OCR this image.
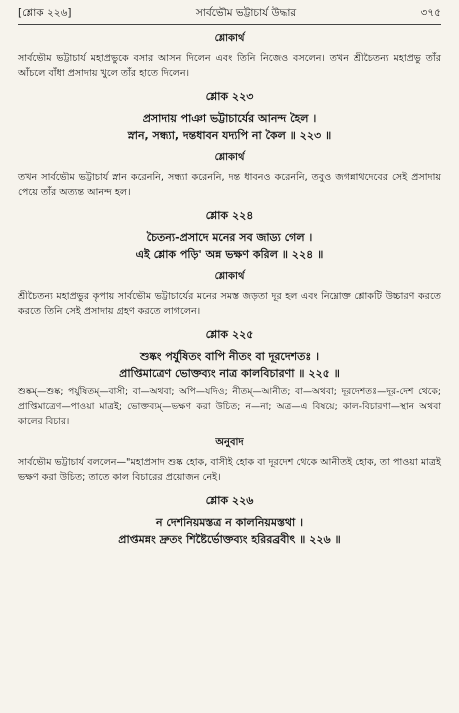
[শ্লোক ২২৬]	সার্বভৌম ভট্টাচার্য উদ্ধার	৩৭৫
শ্লোকার্থ
সার্বভৌম ভট্টাচার্য মহাপ্রভুকে বসার আসন দিলেন এবং তিনি নিজেও বসলেন। তখন শ্রীচৈতন্য মহাপ্রভু তাঁর আঁচলে বাঁধা প্রসাদায় খুলে তাঁর হাতে দিলেন।
শ্লোক ২২৩
প্রসাদায় পাঞা ভট্টাচার্যের আনন্দ হৈল ।
স্নান, সন্ধ্যা, দন্তধাবন যদ্যপি না কৈল ॥ ২২৩ ॥
শ্লোকার্থ
তখন সার্বভৌম ভট্টাচার্য স্নান করেননি, সন্ধ্যা করেননি, দন্ত ধাবনও করেননি, তবুও জগন্নাথদেবের সেই প্রসাদায় পেয়ে তাঁর অত্যন্ত আনন্দ হল।
শ্লোক ২২৪
চৈতন্য-প্রসাদে মনের সব জাড্য গেল ।
এই শ্লোক পড়ি' অন্ন ভক্ষণ করিল ॥ ২২৪ ॥
শ্লোকার্থ
শ্রীচৈতন্য মহাপ্রভুর কৃপায় সার্বভৌম ভট্টাচার্যের মনের সমস্ত জড়তা দূর হল এবং নিম্নোক্ত শ্লোকটি উচ্চারণ করতে করতে তিনি সেই প্রসাদায় গ্রহণ করতে লাগলেন।
শ্লোক ২২৫
শুষ্কং পর্যুষিতং বাপি নীতং বা দূরদেশতঃ ।
প্রাপ্তিমাত্রেণ ভোক্তব্যং নাত্র কালবিচারণা ॥ ২২৫ ॥
শুষ্কম্—শুষ্ক; পর্যুষিতম্—বাসী; বা—অথবা; অপি—যদিও; নীতম্—আনীত; বা—অথবা; দূরদেশতঃ—দূর-দেশ থেকে; প্রাপ্তিমাত্রেণ—পাওয়া মাত্রই; ভোক্তব্যম্—ভক্ষণ করা উচিত; ন—না; অত্র—এ বিষয়ে; কাল-বিচারণা—স্থান অথবা কালের বিচার।
অনুবাদ
সার্বভৌম ভট্টাচার্য বললেন—"মহাপ্রসাদ শুষ্ক হোক, বাসীই হোক বা দূরদেশ থেকে আনীতই হোক, তা পাওয়া মাত্রই ভক্ষণ করা উচিত; তাতে কাল বিচারের প্রয়োজন নেই।
শ্লোক ২২৬
ন দেশনিয়মস্তত্র ন কালনিয়মস্তথা ।
প্রাপ্তমন্নং দ্রুতং শিষ্টৈর্ভোক্তব্যং হরিরব্রবীৎ ॥ ২২৬ ॥
